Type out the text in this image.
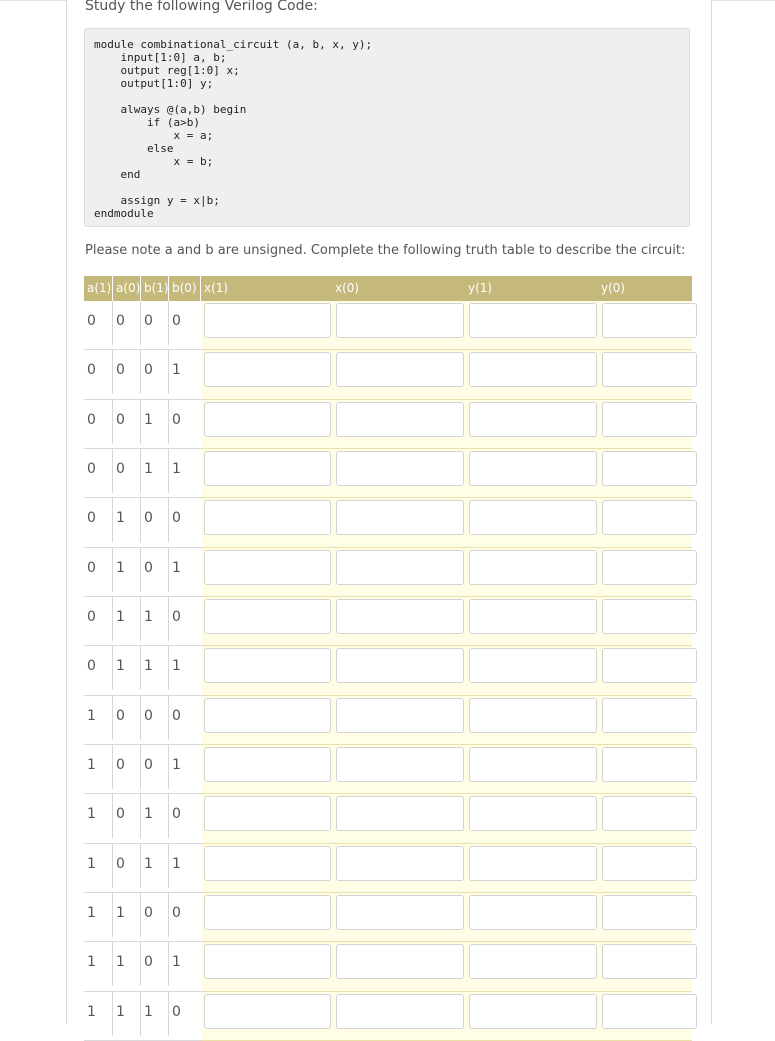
Study the following Verilog Code:
module combinational_circuit (a, b, x, y);
input[1:0] a, b;
output reg[1:0] x;
output[1:0] y;
always @(a,b) begin
if (a>b)
x = a;
else
x = b;
end
assign y = x|b;
endmodule
Please note a and b are unsigned. Complete the following truth table to describe the circuit:
a(1) a(0) b(1) b(0) x(1)	x(0)	y(1)	y(0)
0 0 0 0
0 0 0 1
0 0 1 0
0 0 1 1
0 1 0 0
0 1 0 1
0 1 1 0
0 1 1 1
1 0 0 0
1 0 0 1
1 0 1 0
1 0 1 1
1 1 0 0
1 1 0 1
1 1 1 0
